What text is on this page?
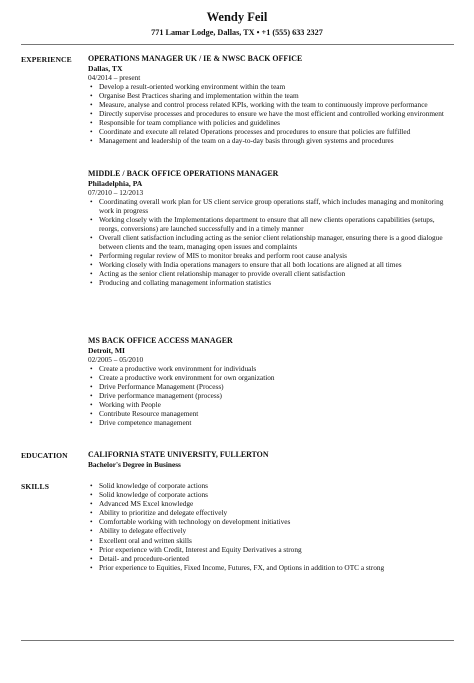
Wendy Feil
771 Lamar Lodge, Dallas, TX • +1 (555) 633 2327
EXPERIENCE OPERATIONS MANAGER UK / IE & NWSC BACK OFFICE
Dallas, TX
04/2014 – present
• Develop a result-oriented working environment within the team
• Organise Best Practices sharing and implementation within the team
• Measure, analyse and control process related KPIs, working with the team to continuously improve performance
• Directly supervise processes and procedures to ensure we have the most efficient and controlled working environment
• Responsible for team compliance with policies and guidelines
• Coordinate and execute all related Operations processes and procedures to ensure that policies are fulfilled
• Management and leadership of the team on a day-to-day basis through given systems and procedures
MIDDLE / BACK OFFICE OPERATIONS MANAGER
Philadelphia, PA
07/2010 – 12/2013
• Coordinating overall work plan for US client service group operations staff, which includes managing and monitoring work in progress
• Working closely with the Implementations department to ensure that all new clients operations capabilities (setups, reorgs, conversions) are launched successfully and in a timely manner
• Overall client satisfaction including acting as the senior client relationship manager, ensuring there is a good dialogue between clients and the team, managing open issues and complaints
• Performing regular review of MIS to monitor breaks and perform root cause analysis
• Working closely with India operations managers to ensure that all both locations are aligned at all times
• Acting as the senior client relationship manager to provide overall client satisfaction
• Producing and collating management information statistics
MS BACK OFFICE ACCESS MANAGER
Detroit, MI
02/2005 – 05/2010
• Create a productive work environment for individuals
• Create a productive work environment for own organization
• Drive Performance Management (Process)
• Drive performance management (process)
• Working with People
• Contribute Resource management
• Drive competence management
EDUCATION	CALIFORNIA STATE UNIVERSITY, FULLERTON
Bachelor's Degree in Business
SKILLS
•	Solid knowledge of corporate actions
• Solid knowledge of corporate actions
• Advanced MS Excel knowledge
• Ability to prioritize and delegate effectively
• Comfortable working with technology on development initiatives
• Ability to delegate effectively
• Excellent oral and written skills
• Prior experience with Credit, Interest and Equity Derivatives a strong
• Detail- and procedure-oriented
• Prior experience to Equities, Fixed Income, Futures, FX, and Options in addition to OTC a strong
